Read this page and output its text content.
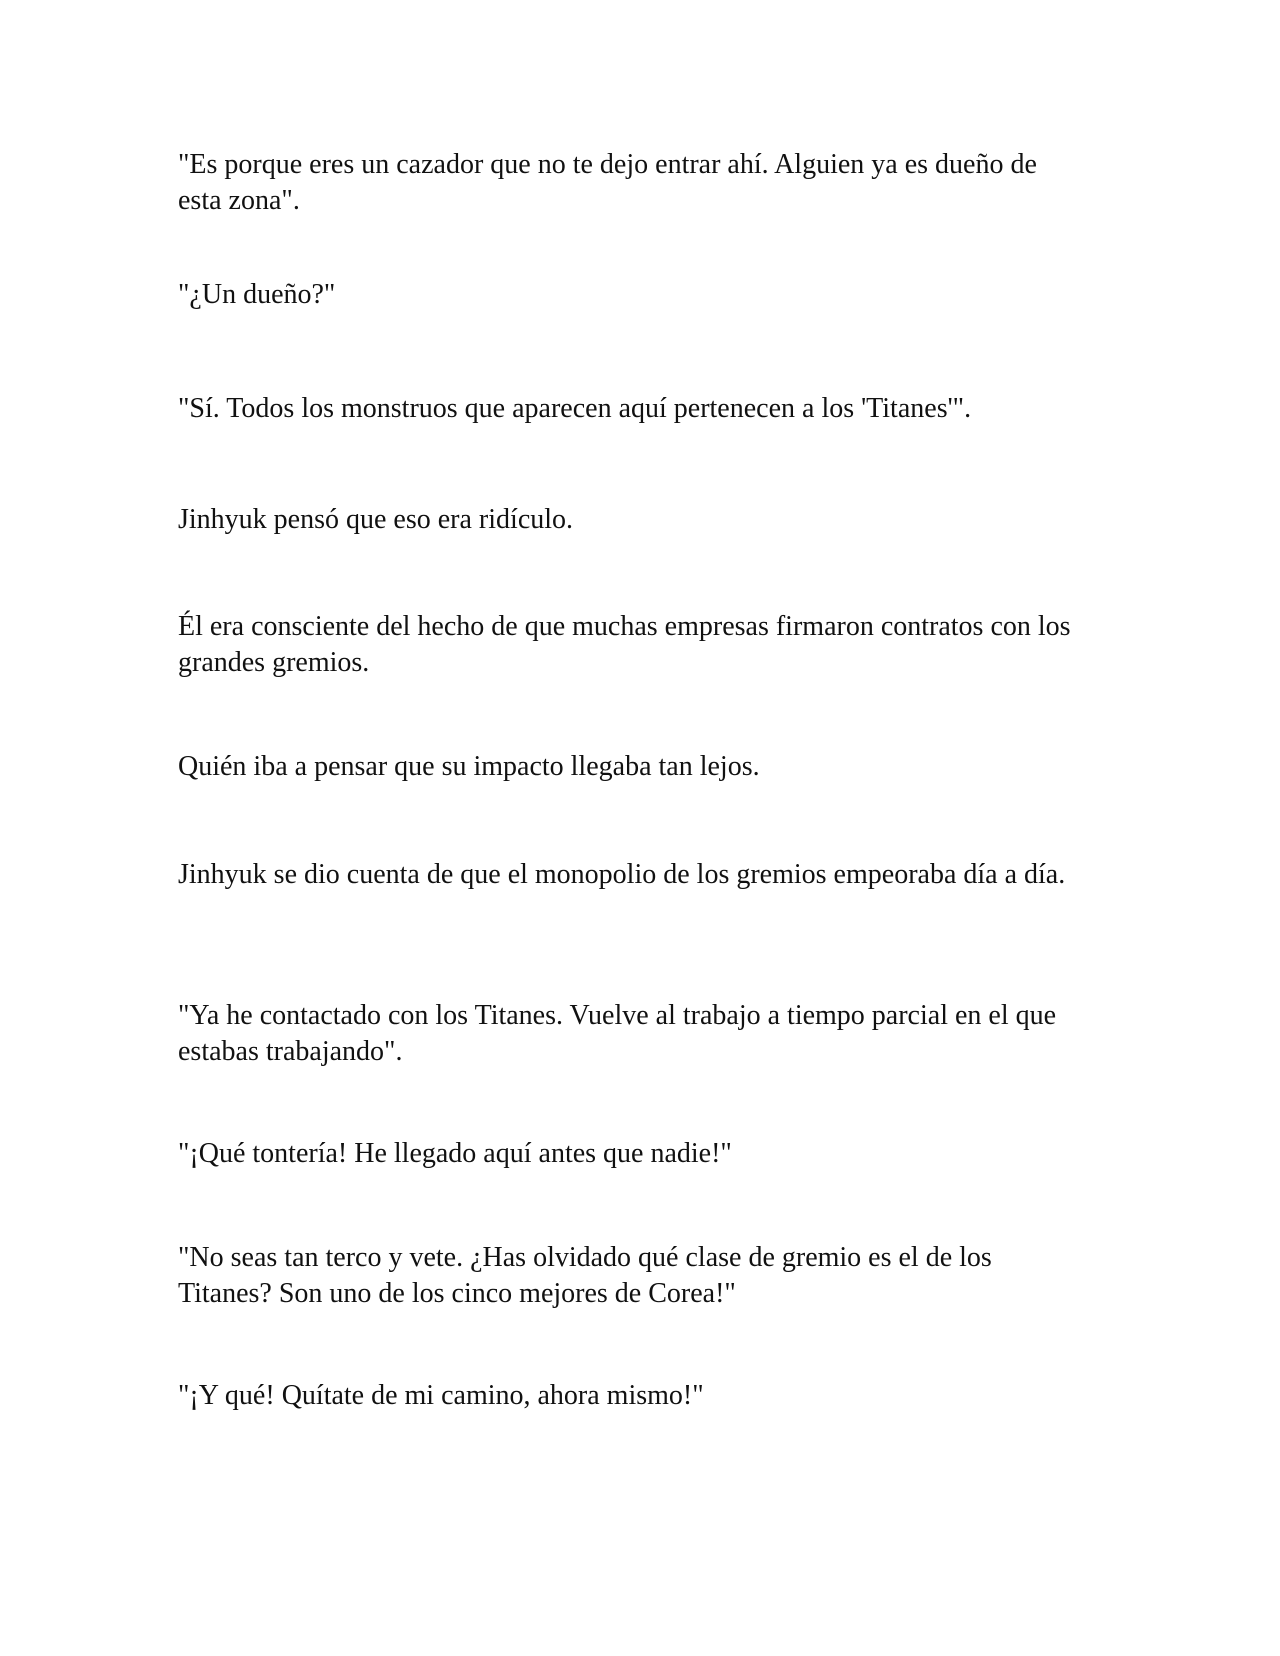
"Es porque eres un cazador que no te dejo entrar ahí. Alguien ya es dueño de esta zona".

"¿Un dueño?"

"Sí. Todos los monstruos que aparecen aquí pertenecen a los 'Titanes'".

Jinhyuk pensó que eso era ridículo.

Él era consciente del hecho de que muchas empresas firmaron contratos con los grandes gremios.

Quién iba a pensar que su impacto llegaba tan lejos.

Jinhyuk se dio cuenta de que el monopolio de los gremios empeoraba día a día.

"Ya he contactado con los Titanes. Vuelve al trabajo a tiempo parcial en el que estabas trabajando".

"¡Qué tontería! He llegado aquí antes que nadie!"

"No seas tan terco y vete. ¿Has olvidado qué clase de gremio es el de los Titanes? Son uno de los cinco mejores de Corea!"

"¡Y qué! Quítate de mi camino, ahora mismo!"
